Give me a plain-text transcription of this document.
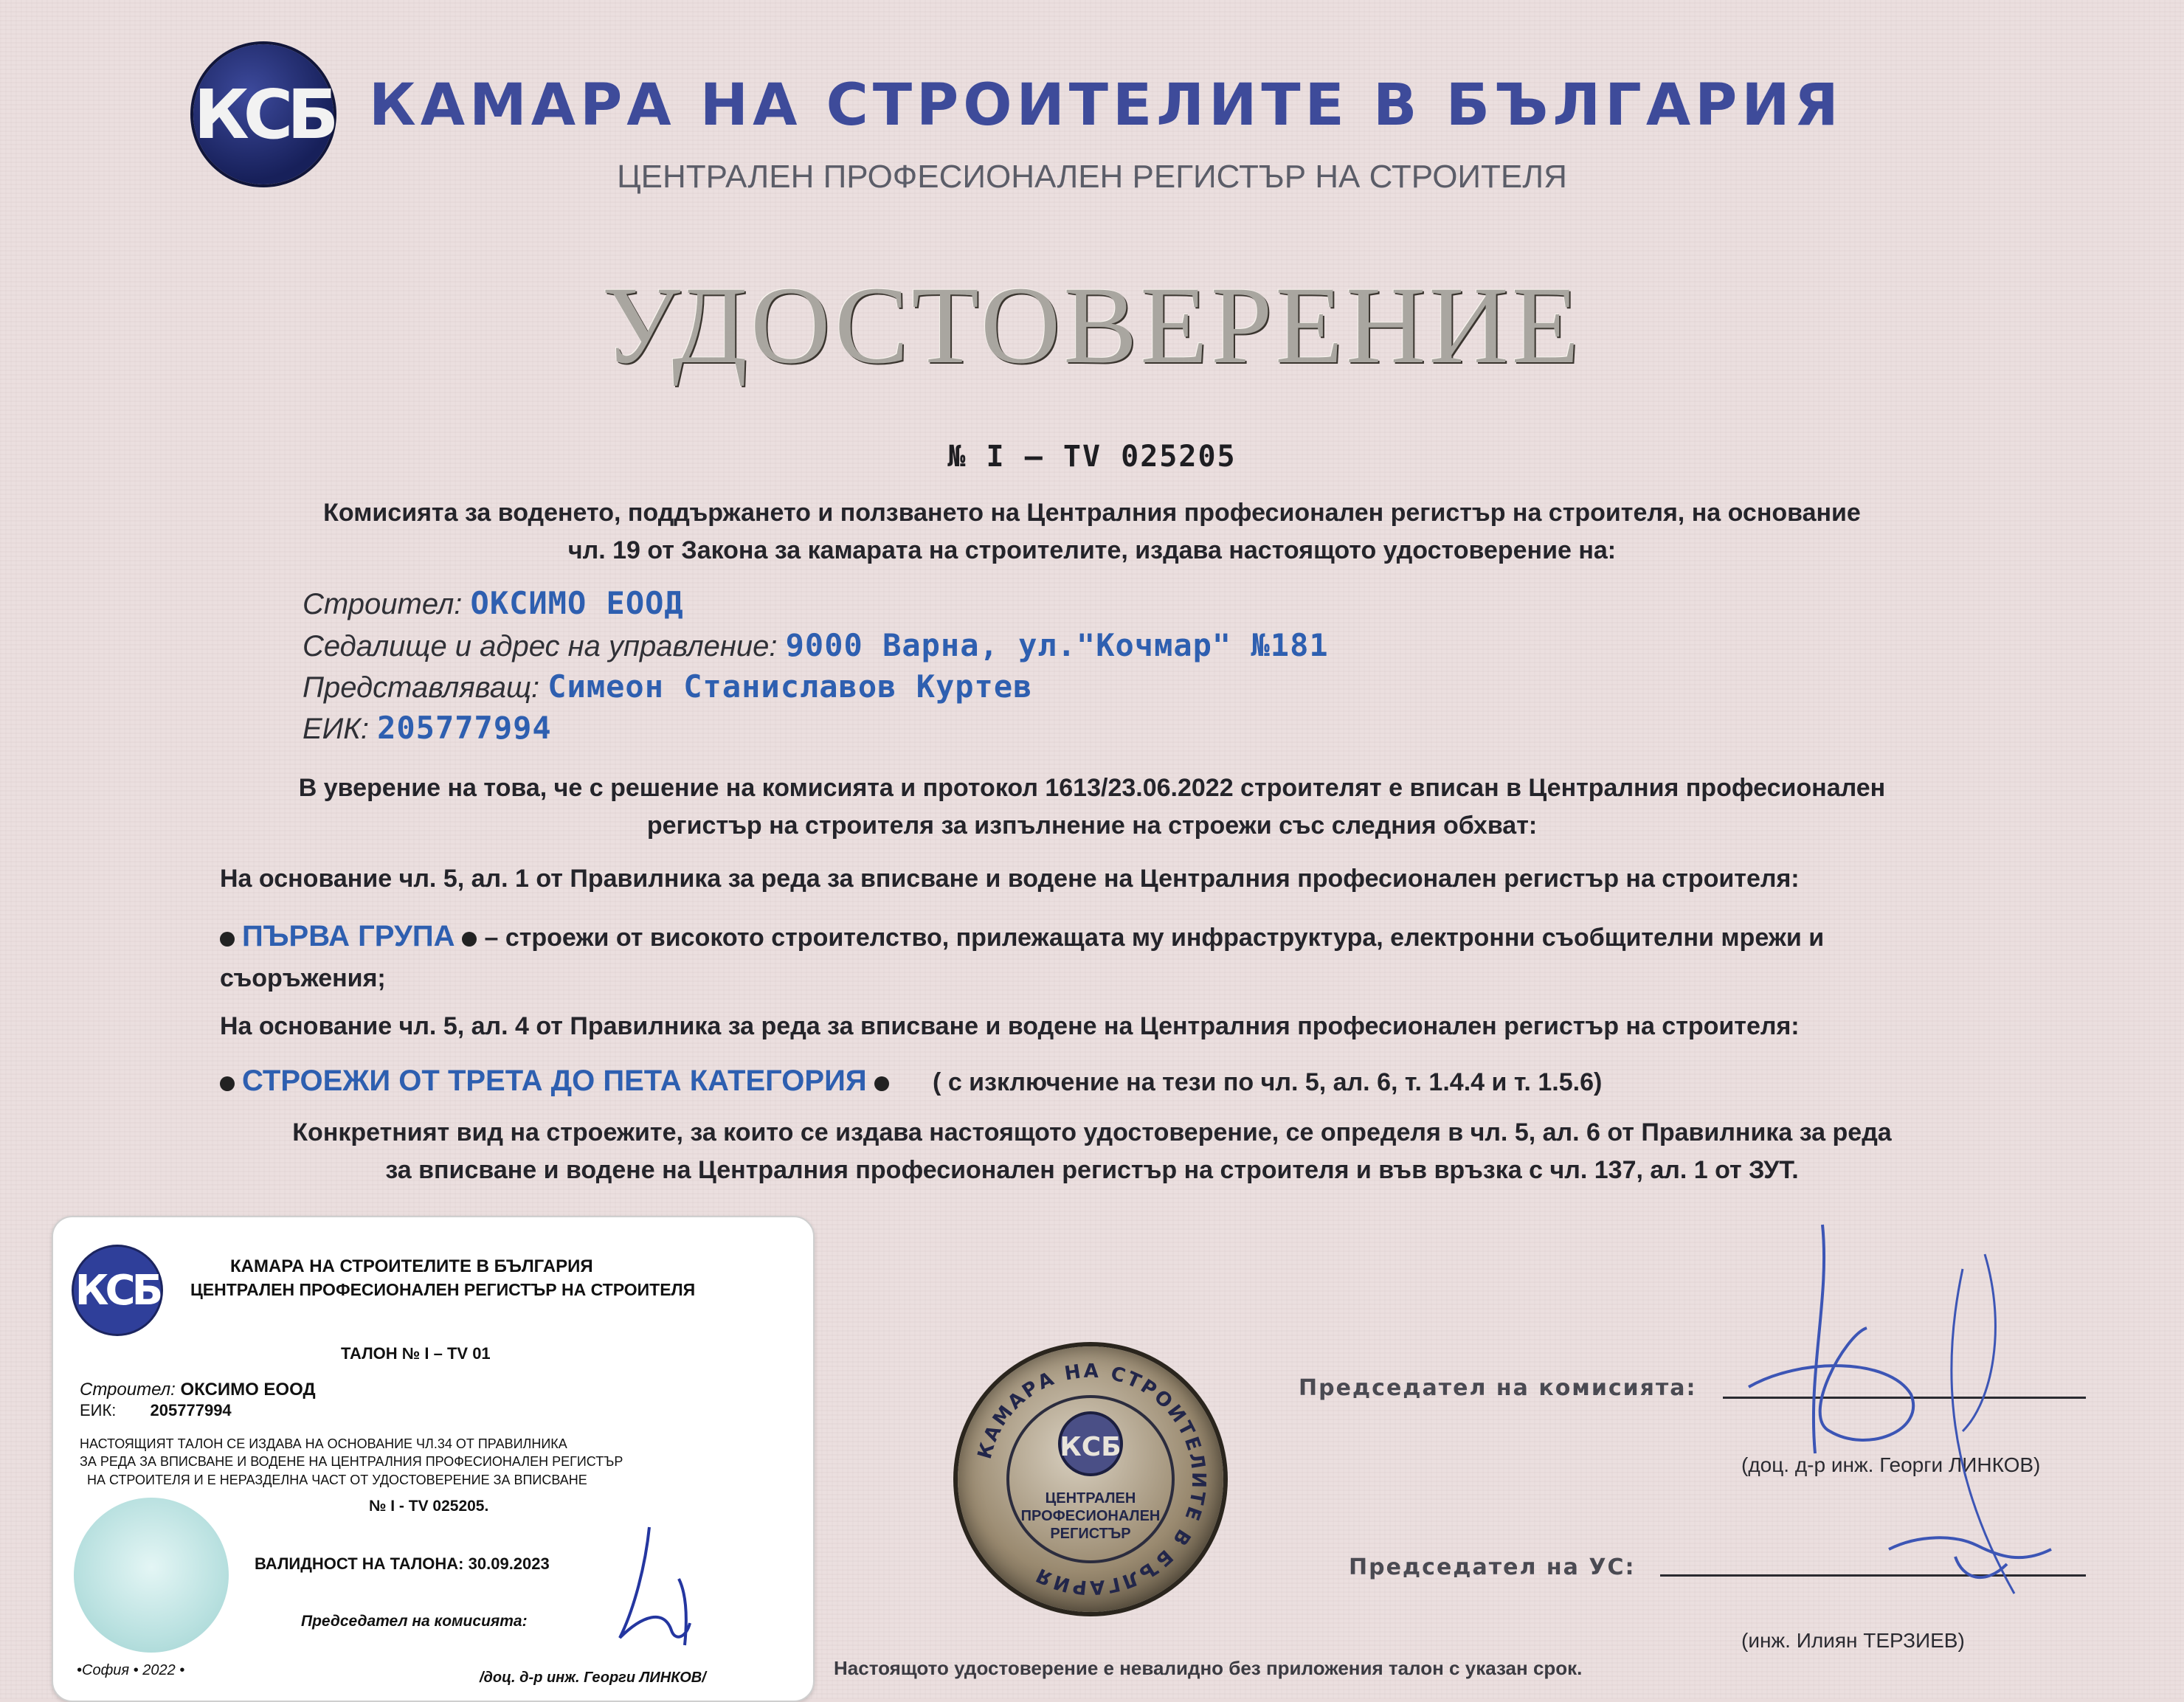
КСБ КАМАРА НА СТРОИТЕЛИТЕ В БЪЛГАРИЯ
ЦЕНТРАЛЕН ПРОФЕСИОНАЛЕН РЕГИСТЪР НА СТРОИТЕЛЯ
УДОСТОВЕРЕНИЕ
№ I – TV 025205
Комисията за воденето, поддържането и ползването на Централния професионален регистър на строителя, на основание
чл. 19 от Закона за камарата на строителите, издава настоящото удостоверение на:
Строител: ОКСИМО ЕООД
Седалище и адрес на управление: 9000 Варна, ул."Кочмар" №181
Представляващ: Симеон Станиславов Куртев
ЕИК: 205777994
В уверение на това, че с решение на комисията и протокол 1613/23.06.2022 строителят е вписан в Централния професионален
регистър на строителя за изпълнение на строежи със следния обхват:
На основание чл. 5, ал. 1 от Правилника за реда за вписване и водене на Централния професионален регистър на строителя:
ПЪРВА ГРУПА – строежи от високото строителство, прилежащата му инфраструктура, електронни съобщителни мрежи и
съоръжения;
На основание чл. 5, ал. 4 от Правилника за реда за вписване и водене на Централния професионален регистър на строителя:
СТРОЕЖИ ОТ ТРЕТА ДО ПЕТА КАТЕГОРИЯ	( с изключение на тези по чл. 5, ал. 6, т. 1.4.4 и т. 1.5.6)
Конкретният вид на строежите, за които се издава настоящото удостоверение, се определя в чл. 5, ал. 6 от Правилника за реда
за вписване и водене на Централния професионален регистър на строителя и във връзка с чл. 137, ал. 1 от ЗУТ.
КАМАРА НА СТРОИТЕЛИТЕ В БЪЛГАРИЯ
КСБ
ЦЕНТРАЛЕН
ПРОФЕСИОНАЛЕН
РЕГИСТЪР
Председател на комисията:
(доц. д-р инж. Георги ЛИНКОВ)
Председател на УС:
(инж. Илиян ТЕРЗИЕВ)
Настоящото удостоверение е невалидно без приложения талон с указан срок.
КСБ	КАМАРА НА СТРОИТЕЛИТЕ В БЪЛГАРИЯ
ЦЕНТРАЛЕН ПРОФЕСИОНАЛЕН РЕГИСТЪР НА СТРОИТЕЛЯ
ТАЛОН № I – TV 01
Строител: ОКСИМО ЕООД
ЕИК: 205777994
НАСТОЯЩИЯТ ТАЛОН СЕ ИЗДАВА НА ОСНОВАНИЕ ЧЛ.34 ОТ ПРАВИЛНИКА
ЗА РЕДА ЗА ВПИСВАНЕ И ВОДЕНЕ НА ЦЕНТРАЛНИЯ ПРОФЕСИОНАЛЕН РЕГИСТЪР
НА СТРОИТЕЛЯ И Е НЕРАЗДЕЛНА ЧАСТ ОТ УДОСТОВЕРЕНИЕ ЗА ВПИСВАНЕ
№ I - TV 025205.
ВАЛИДНОСТ НА ТАЛОНА: 30.09.2023
Председател на комисията:
•София • 2022 •	/доц. д-р инж. Георги ЛИНКОВ/
